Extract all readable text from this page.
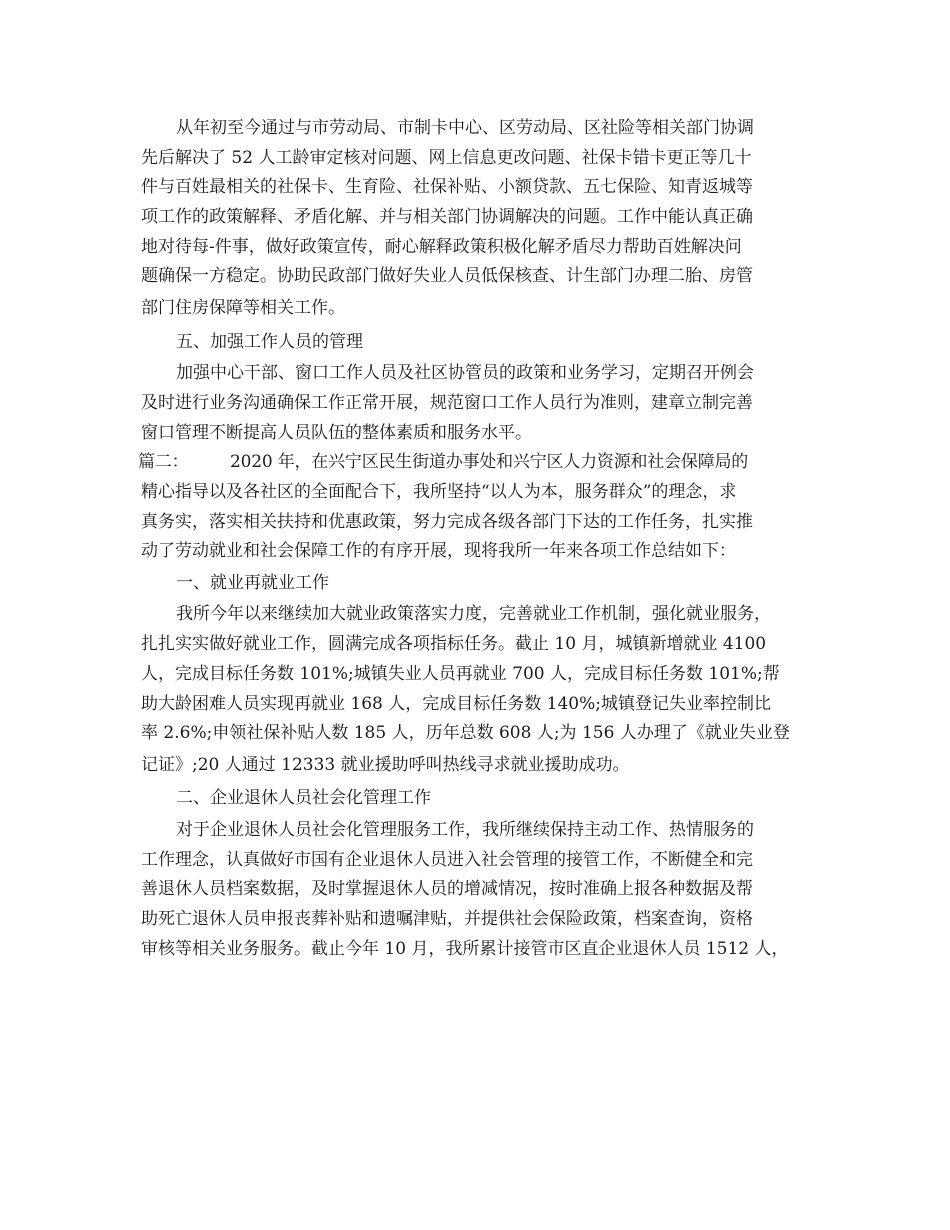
从年初至今通过与市劳动局、市制卡中心、区劳动局、区社险等相关部门协调
先后解决了 52 人工龄审定核对问题、网上信息更改问题、社保卡错卡更正等几十
件与百姓最相关的社保卡、生育险、社保补贴、小额贷款、五七保险、知青返城等
项工作的政策解释、矛盾化解、并与相关部门协调解决的问题。工作中能认真正确
地对待每-件事，做好政策宣传，耐心解释政策积极化解矛盾尽力帮助百姓解决问
题确保一方稳定。协助民政部门做好失业人员低保核查、计生部门办理二胎、房管
部门住房保障等相关工作。
五、加强工作人员的管理
加强中心干部、窗口工作人员及社区协管员的政策和业务学习，定期召开例会
及时进行业务沟通确保工作正常开展，规范窗口工作人员行为准则，建章立制完善
窗口管理不断提高人员队伍的整体素质和服务水平。
篇二：        2020 年，在兴宁区民生街道办事处和兴宁区人力资源和社会保障局的
精心指导以及各社区的全面配合下，我所坚持“以人为本，服务群众”的理念，求
真务实，落实相关扶持和优惠政策，努力完成各级各部门下达的工作任务，扎实推
动了劳动就业和社会保障工作的有序开展，现将我所一年来各项工作总结如下：
一、就业再就业工作
我所今年以来继续加大就业政策落实力度，完善就业工作机制，强化就业服务，
扎扎实实做好就业工作，圆满完成各项指标任务。截止 10 月，城镇新增就业 4100
人，完成目标任务数 101%;城镇失业人员再就业 700 人，完成目标任务数 101%;帮
助大龄困难人员实现再就业 168 人，完成目标任务数 140%;城镇登记失业率控制比
率 2.6%;申领社保补贴人数 185 人，历年总数 608 人;为 156 人办理了《就业失业登
记证》;20 人通过 12333 就业援助呼叫热线寻求就业援助成功。
二、企业退休人员社会化管理工作
对于企业退休人员社会化管理服务工作，我所继续保持主动工作、热情服务的
工作理念，认真做好市国有企业退休人员进入社会管理的接管工作，不断健全和完
善退休人员档案数据，及时掌握退休人员的增减情况，按时准确上报各种数据及帮
助死亡退休人员申报丧葬补贴和遗嘱津贴，并提供社会保险政策，档案查询，资格
审核等相关业务服务。截止今年 10 月，我所累计接管市区直企业退休人员 1512 人，
